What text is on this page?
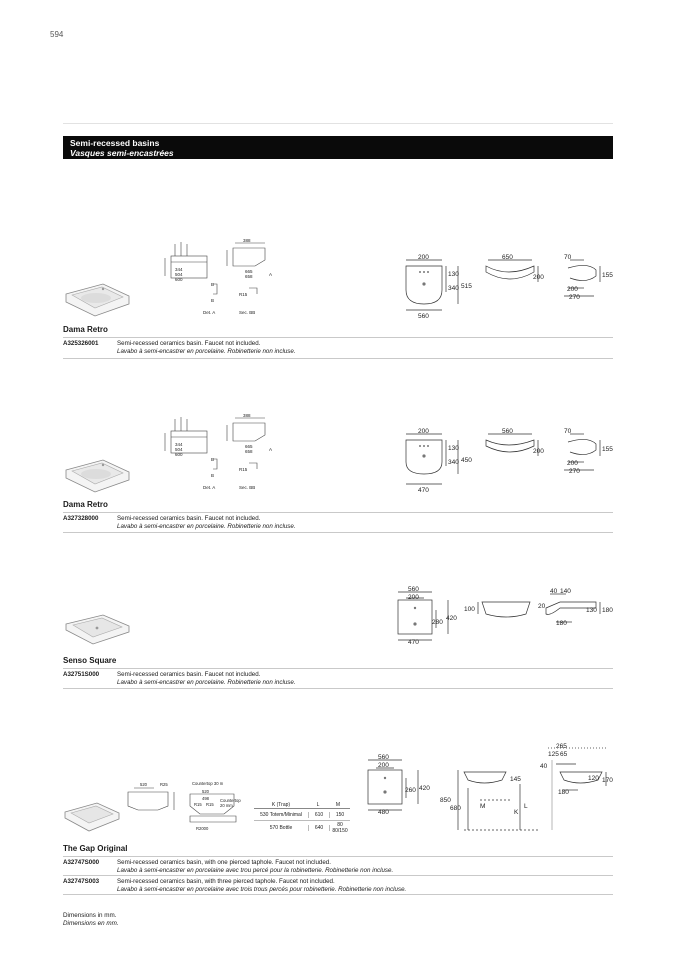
594
Semi-recessed basins
Vasques semi-encastrées
344
504
600
388
665
658	A
B
B
R15
Det. A	Sec. BB
200
130
340 515
560
650
200
70
155
200
270
Dama Retro
A325326001	Semi-recessed ceramics basin. Faucet not included.
Lavabo à semi-encastrer en porcelaine. Robinetterie non incluse.
344
504
600
388
665
658	A
B
B
R15
Det. A	Sec. BB
200
130
340 450
470
560
200
70
155
200
270
Dama Retro
A327328000	Semi-recessed ceramics basin. Faucet not included.
Lavabo à semi-encastrer en porcelaine. Robinetterie non incluse.
560
200
280
420
470
100
40 140
20
130 180
180
Senso Square
A32751S000	Semi-recessed ceramics basin. Faucet not included.
Lavabo à semi-encastrer en porcelaine. Robinetterie non incluse.
520	R25	Countertop 30 m
520
498
R15 R15
Countertop
20 mm
R2000
K (Trap)	L	M
530 Totem/Minimal	610	150
570 Bottle	640	80 80/150
560
200
260 420
480
145
850
680	M
K
L
265
125 65
40
120 170
180
The Gap Original
A32747S000	Semi-recessed ceramics basin, with one pierced taphole. Faucet not included.
Lavabo à semi-encastrer en porcelaine avec trou percé pour la robinetterie. Robinetterie non incluse.
A32747S003	Semi-recessed ceramics basin, with three pierced taphole. Faucet not included.
Lavabo à semi-encastrer en porcelaine avec trois trous percés pour robinetterie. Robinetterie non incluse.
Dimensions in mm.
Dimensions en mm.
